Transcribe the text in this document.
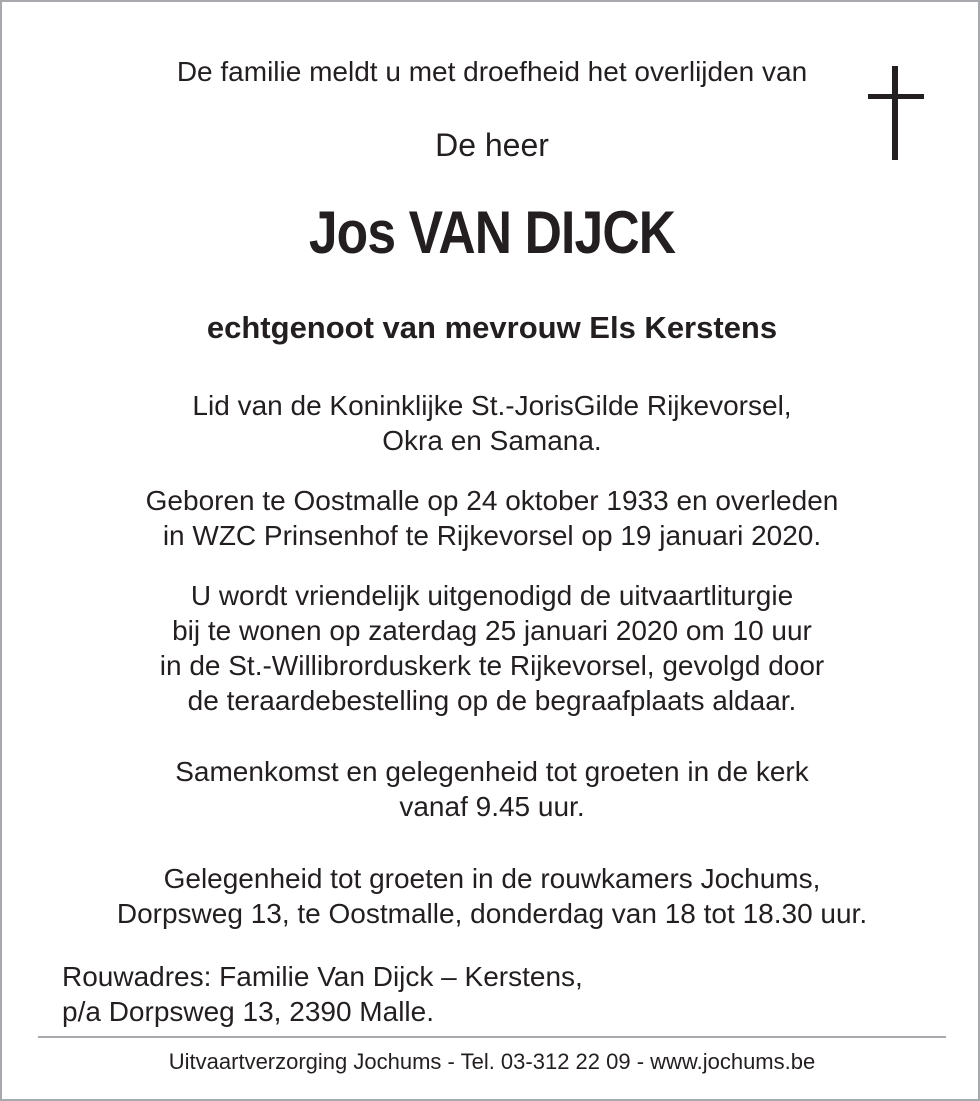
De familie meldt u met droefheid het overlijden van
De heer
Jos VAN DIJCK
echtgenoot van mevrouw Els Kerstens
Lid van de Koninklijke St.-JorisGilde Rijkevorsel,
Okra en Samana.
Geboren te Oostmalle op 24 oktober 1933 en overleden
in WZC Prinsenhof te Rijkevorsel op 19 januari 2020.
U wordt vriendelijk uitgenodigd de uitvaartliturgie
bij te wonen op zaterdag 25 januari 2020 om 10 uur
in de St.-Willibrorduskerk te Rijkevorsel, gevolgd door
de teraardebestelling op de begraafplaats aldaar.
Samenkomst en gelegenheid tot groeten in de kerk
vanaf 9.45 uur.
Gelegenheid tot groeten in de rouwkamers Jochums,
Dorpsweg 13, te Oostmalle, donderdag van 18 tot 18.30 uur.
Rouwadres: Familie Van Dijck – Kerstens,
p/a Dorpsweg 13, 2390 Malle.
Uitvaartverzorging Jochums - Tel. 03-312 22 09 - www.jochums.be
